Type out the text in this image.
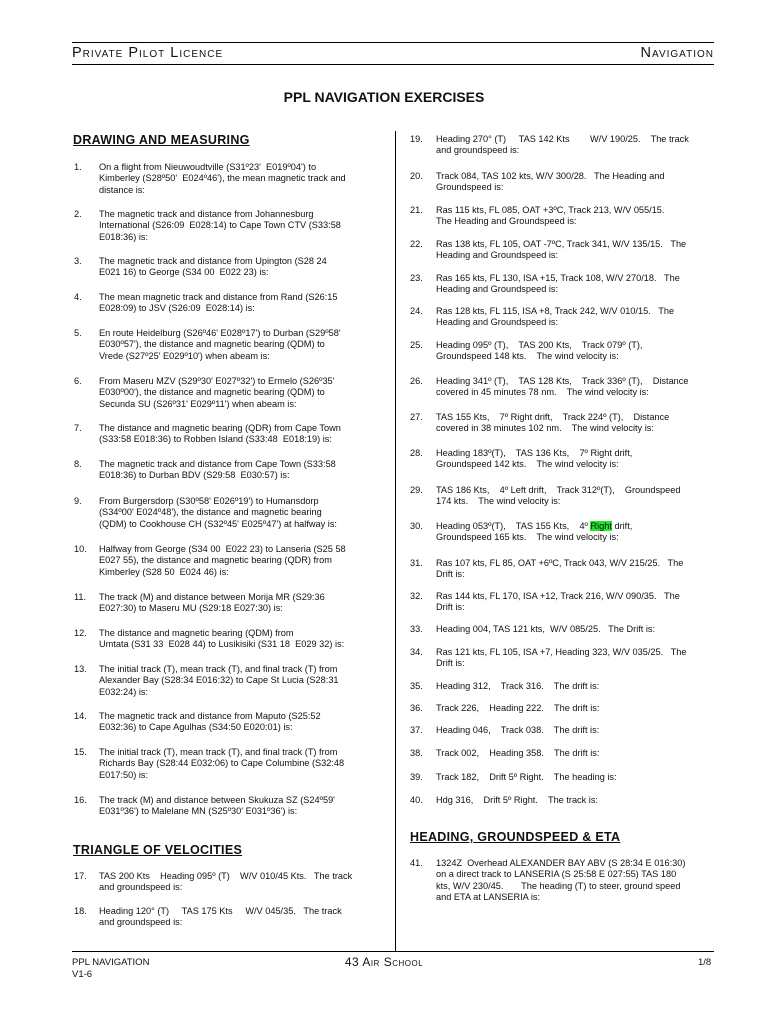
Private Pilot Licence	Navigation
PPL NAVIGATION EXERCISES
DRAWING AND MEASURING
TRIANGLE OF VELOCITIES
HEADING, GROUNDSPEED & ETA
1. On a flight from Nieuwoudtville (S31º23'  E019º04') to
Kimberley (S28º50'  E024º46'), the mean magnetic track and
distance is:
2. The magnetic track and distance from Johannesburg
International (S26:09  E028:14) to Cape Town CTV (S33:58
E018:36) is:
3. The magnetic track and distance from Upington (S28 24
E021 16) to George (S34 00  E022 23) is:
4. The mean magnetic track and distance from Rand (S26:15
E028:09) to JSV (S26:09  E028:14) is:
5. En route Heidelburg (S26º46' E028º17') to Durban (S29º58'
E030º57'), the distance and magnetic bearing (QDM) to
Vrede (S27º25' E029º10') when abeam is:
6. From Maseru MZV (S29º30' E027º32') to Ermelo (S26º35'
E030º00'), the distance and magnetic bearing (QDM) to
Secunda SU (S26º31' E029º11') when abeam is:
7. The distance and magnetic bearing (QDR) from Cape Town
(S33:58 E018:36) to Robben Island (S33:48  E018:19) is:
8. The magnetic track and distance from Cape Town (S33:58
E018:36) to Durban BDV (S29:58  E030:57) is:
9. From Burgersdorp (S30º58' E026º19') to Humansdorp
(S34º00' E024º48'), the distance and magnetic bearing
(QDM) to Cookhouse CH (S32º45' E025º47') at halfway is:
10. Halfway from George (S34 00  E022 23) to Lanseria (S25 58
E027 55), the distance and magnetic bearing (QDR) from
Kimberley (S28 50  E024 46) is:
11. The track (M) and distance between Morija MR (S29:36
E027:30) to Maseru MU (S29:18 E027:30) is:
12. The distance and magnetic bearing (QDM) from
Umtata (S31 33  E028 44) to Lusikisiki (S31 18  E029 32) is:
13. The initial track (T), mean track (T), and final track (T) from
Alexander Bay (S28:34 E016:32) to Cape St Lucia (S28:31
E032:24) is:
14. The magnetic track and distance from Maputo (S25:52
E032:36) to Cape Agulhas (S34:50 E020:01) is:
15. The initial track (T), mean track (T), and final track (T) from
Richards Bay (S28:44 E032:06) to Cape Columbine (S32:48
E017:50) is:
16. The track (M) and distance between Skukuza SZ (S24º59'
E031º36') to Malelane MN (S25º30' E031º36') is:
17. TAS 200 Kts    Heading 095º (T)    W/V 010/45 Kts.   The track
and groundspeed is:
18. Heading 120° (T)     TAS 175 Kts     W/V 045/35.   The track
and groundspeed is:
19. Heading 270° (T)     TAS 142 Kts        W/V 190/25.    The track
and groundspeed is:
20. Track 084, TAS 102 kts, W/V 300/28.   The Heading and
Groundspeed is:
21. Ras 115 kts, FL 085, OAT +3ºC, Track 213, W/V 055/15.
The Heading and Groundspeed is:
22. Ras 138 kts, FL 105, OAT -7ºC, Track 341, W/V 135/15.   The
Heading and Groundspeed is:
23. Ras 165 kts, FL 130, ISA +15, Track 108, W/V 270/18.   The
Heading and Groundspeed is:
24. Ras 128 kts, FL 115, ISA +8, Track 242, W/V 010/15.   The
Heading and Groundspeed is:
25. Heading 095º (T),    TAS 200 Kts,    Track 079º (T),
Groundspeed 148 kts.    The wind velocity is:
26. Heading 341º (T),    TAS 128 Kts,    Track 336º (T),    Distance
covered in 45 minutes 78 nm.    The wind velocity is:
27. TAS 155 Kts,    7º Right drift,    Track 224º (T),    Distance
covered in 38 minutes 102 nm.    The wind velocity is:
28. Heading 183º(T),    TAS 136 Kts,    7º Right drift,
Groundspeed 142 kts.    The wind velocity is:
29. TAS 186 Kts,    4º Left drift,    Track 312º(T),    Groundspeed
174 kts.    The wind velocity is:
30. Heading 053º(T),    TAS 155 Kts,    4º Right drift,
Groundspeed 165 kts.    The wind velocity is:
31. Ras 107 kts, FL 85, OAT +6ºC, Track 043, W/V 215/25.   The
Drift is:
32. Ras 144 kts, FL 170, ISA +12, Track 216, W/V 090/35.   The
Drift is:
33. Heading 004, TAS 121 kts,  W/V 085/25.   The Drift is:
34. Ras 121 kts, FL 105, ISA +7, Heading 323, W/V 035/25.   The
Drift is:
35. Heading 312,    Track 316.    The drift is:
36. Track 226,    Heading 222.    The drift is:
37. Heading 046,    Track 038.    The drift is:
38. Track 002,    Heading 358.    The drift is:
39. Track 182,    Drift 5º Right.    The heading is:
40. Hdg 316,    Drift 5º Right.    The track is:
41. 1324Z  Overhead ALEXANDER BAY ABV (S 28:34 E 016:30)
on a direct track to LANSERIA (S 25:58 E 027:55) TAS 180
kts, W/V 230/45.       The heading (T) to steer, ground speed
and ETA at LANSERIA is:
PPL NAVIGATION
V1-6
43 Air School	1/8
